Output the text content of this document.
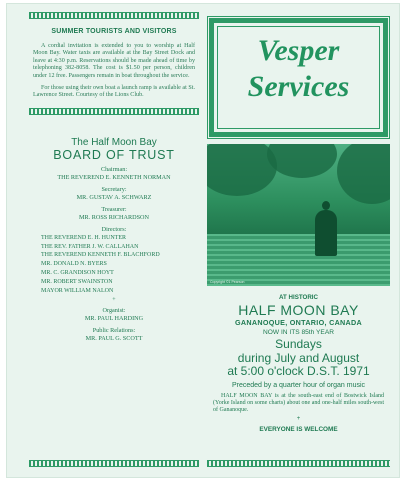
SUMMER TOURISTS AND VISITORS

A cordial invitation is extended to you to worship at Half Moon Bay. Water taxis are available at the Bay Street Dock and leave at 4:30 p.m. Reservations should be made ahead of time by telephoning 382-8058. The cost is $1.50 per person, children under 12 free. Passengers remain in boat throughout the service.

For those using their own boat a launch ramp is available at St. Lawrence Street. Courtesy of the Lions Club.

The Half Moon Bay
BOARD OF TRUST
Chairman:
THE REVEREND E. KENNETH NORMAN
Secretary:
MR. GUSTAV A. SCHWARZ
Treasurer:
MR. ROSS RICHARDSON
Directors:
THE REVEREND E. H. HUNTER
THE REV. FATHER J. W. CALLAHAN
THE REVEREND KENNETH F. BLACHFORD
MR. DONALD N. BYERS
MR. C. GRANDISON HOYT
MR. ROBERT SWAINSTON
MAYOR WILLIAM NALON
+
Organist:
MR. PAUL HARDING
Public Relations:
MR. PAUL G. SCOTT
Vesper
Services
Copyright ©1 Pearson
AT HISTORIC
HALF MOON BAY
GANANOQUE, ONTARIO, CANADA
NOW IN ITS 85th YEAR
Sundays
during July and August
at 5:00 o'clock D.S.T. 1971
Preceded by a quarter hour of organ music

HALF MOON BAY is at the south-east end of Bostwick Island (Yorke Island on some charts) about one and one-half miles south-west of Gananoque.

+
EVERYONE IS WELCOME
